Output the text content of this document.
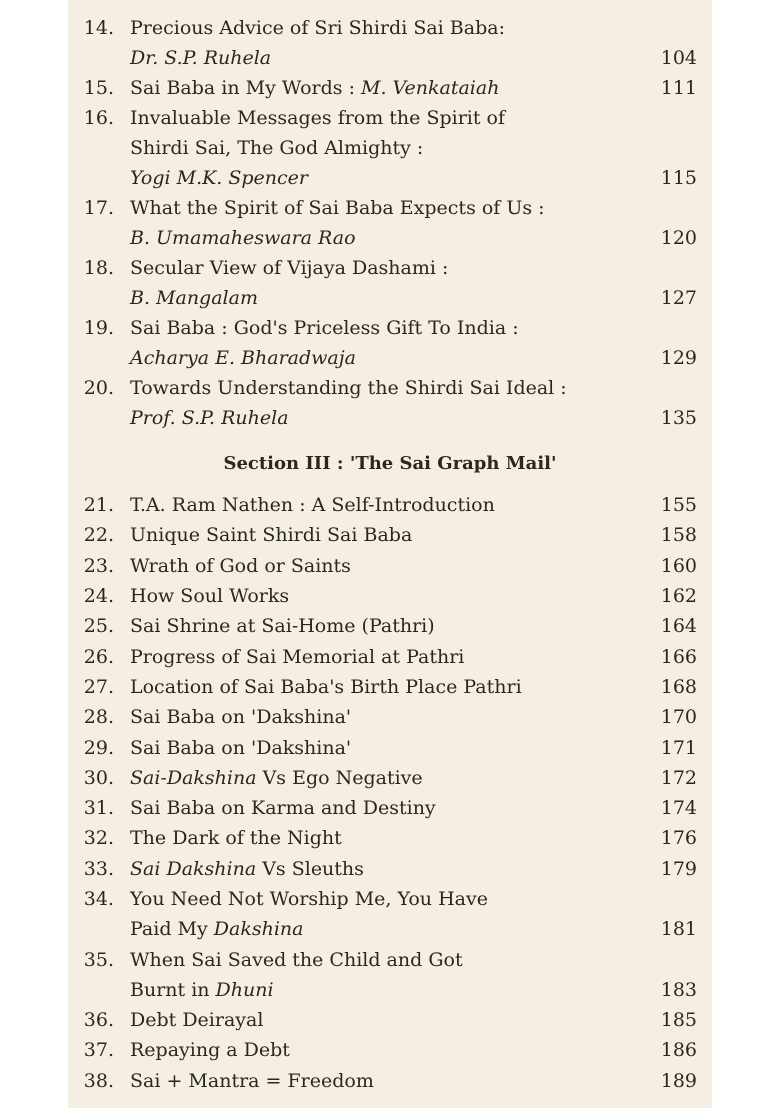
14. Precious Advice of Sri Shirdi Sai Baba:
Dr. S.P. Ruhela	104
15. Sai Baba in My Words : M. Venkataiah	111
16. Invaluable Messages from the Spirit of
Shirdi Sai, The God Almighty :
Yogi M.K. Spencer	115
17. What the Spirit of Sai Baba Expects of Us :
B. Umamaheswara Rao	120
18. Secular View of Vijaya Dashami :
B. Mangalam	127
19. Sai Baba : God's Priceless Gift To India :
Acharya E. Bharadwaja	129
20. Towards Understanding the Shirdi Sai Ideal :
Prof. S.P. Ruhela	135
Section III : 'The Sai Graph Mail'
21. T.A. Ram Nathen : A Self-Introduction	155
22. Unique Saint Shirdi Sai Baba	158
23. Wrath of God or Saints	160
24. How Soul Works	162
25. Sai Shrine at Sai-Home (Pathri)	164
26. Progress of Sai Memorial at Pathri	166
27. Location of Sai Baba's Birth Place Pathri	168
28. Sai Baba on 'Dakshina'	170
29. Sai Baba on 'Dakshina'	171
30. Sai-Dakshina Vs Ego Negative	172
31. Sai Baba on Karma and Destiny	174
32. The Dark of the Night	176
33. Sai Dakshina Vs Sleuths	179
34. You Need Not Worship Me, You Have
Paid My Dakshina	181
35. When Sai Saved the Child and Got
Burnt in Dhuni	183
36. Debt Deirayal	185
37. Repaying a Debt	186
38. Sai + Mantra = Freedom	189
